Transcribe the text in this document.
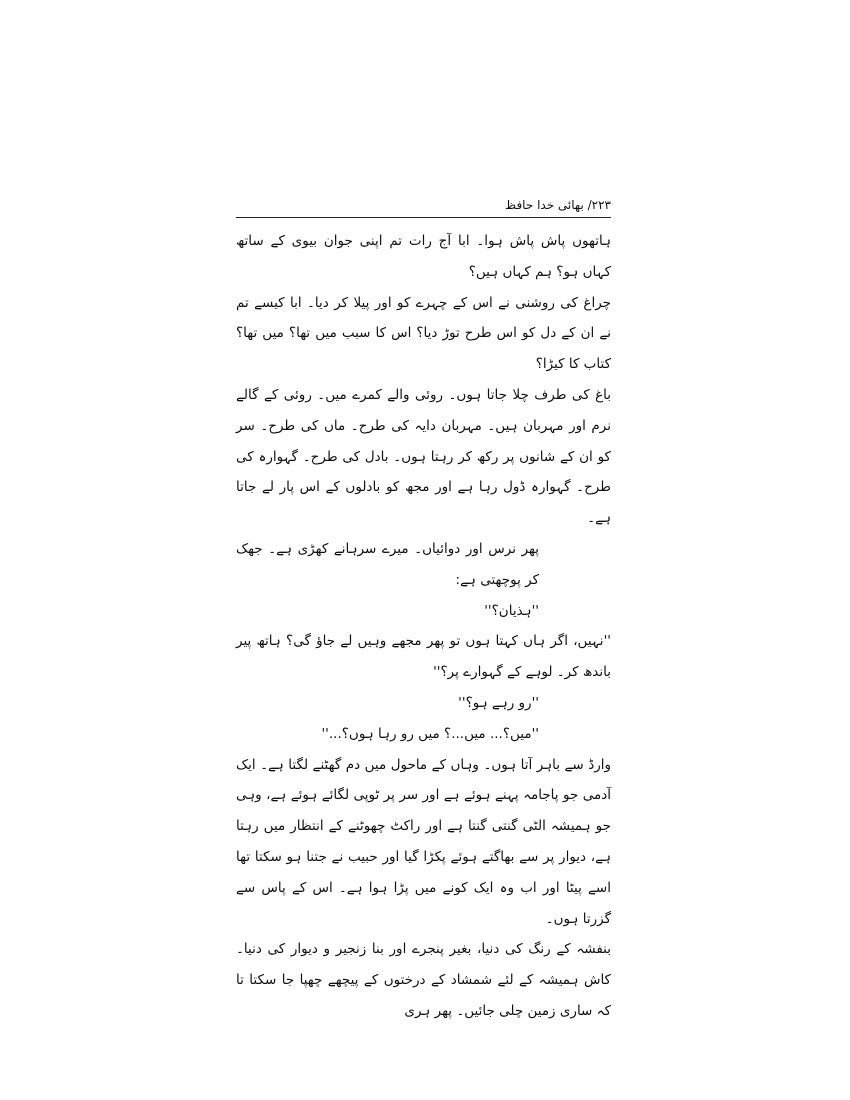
۲۲۳/ بھائی خدا حافظ

ہاتھوں پاش پاش ہوا۔ ابا آج رات تم اپنی جوان بیوی کے ساتھ کہاں ہو؟ ہم کہاں ہیں؟

چراغ کی روشنی نے اس کے چہرے کو اور پیلا کر دیا۔ ابا کیسے تم نے ان کے دل کو اس طرح توڑ دیا؟ اس کا سبب میں تھا؟ میں تھا؟ کتاب کا کیڑا؟

باغ کی طرف چلا جاتا ہوں۔ روئی والے کمرے میں۔ روئی کے گالے نرم اور مہربان ہیں۔ مہربان دایہ کی طرح۔ ماں کی طرح۔ سر کو ان کے شانوں پر رکھ کر رہتا ہوں۔ بادل کی طرح۔ گہوارہ کی طرح۔ گہوارہ ڈول رہا ہے اور مجھ کو بادلوں کے اس پار لے جاتا ہے۔

پھر نرس اور دوائیاں۔ میرے سرہانے کھڑی ہے۔ جھک کر پوچھتی ہے:

''ہذیان؟''

''نہیں، اگر ہاں کہتا ہوں تو پھر مجھے وہیں لے جاؤ گی؟ ہاتھ پیر باندھ کر۔ لوہے کے گہوارے پر؟''

''رو رہے ہو؟''

''میں؟... میں...؟ میں رو رہا ہوں؟...''

وارڈ سے باہر آتا ہوں۔ وہاں کے ماحول میں دم گھٹنے لگتا ہے۔ ایک آدمی جو پاجامہ پہنے ہوئے ہے اور سر پر ٹوپی لگائے ہوئے ہے، وہی جو ہمیشہ الٹی گنتی گنتا ہے اور راکٹ چھوٹنے کے انتظار میں رہتا ہے، دیوار پر سے بھاگتے ہوئے پکڑا گیا اور حبیب نے جتنا ہو سکتا تھا اسے پیٹا اور اب وہ ایک کونے میں پڑا ہوا ہے۔ اس کے پاس سے گزرتا ہوں۔

بنفشہ کے رنگ کی دنیا، بغیر پنجرے اور بنا زنجیر و دیوار کی دنیا۔ کاش ہمیشہ کے لئے شمشاد کے درختوں کے پیچھے چھپا جا سکتا تا کہ ساری زمین چلی جائیں۔ پھر ہری
